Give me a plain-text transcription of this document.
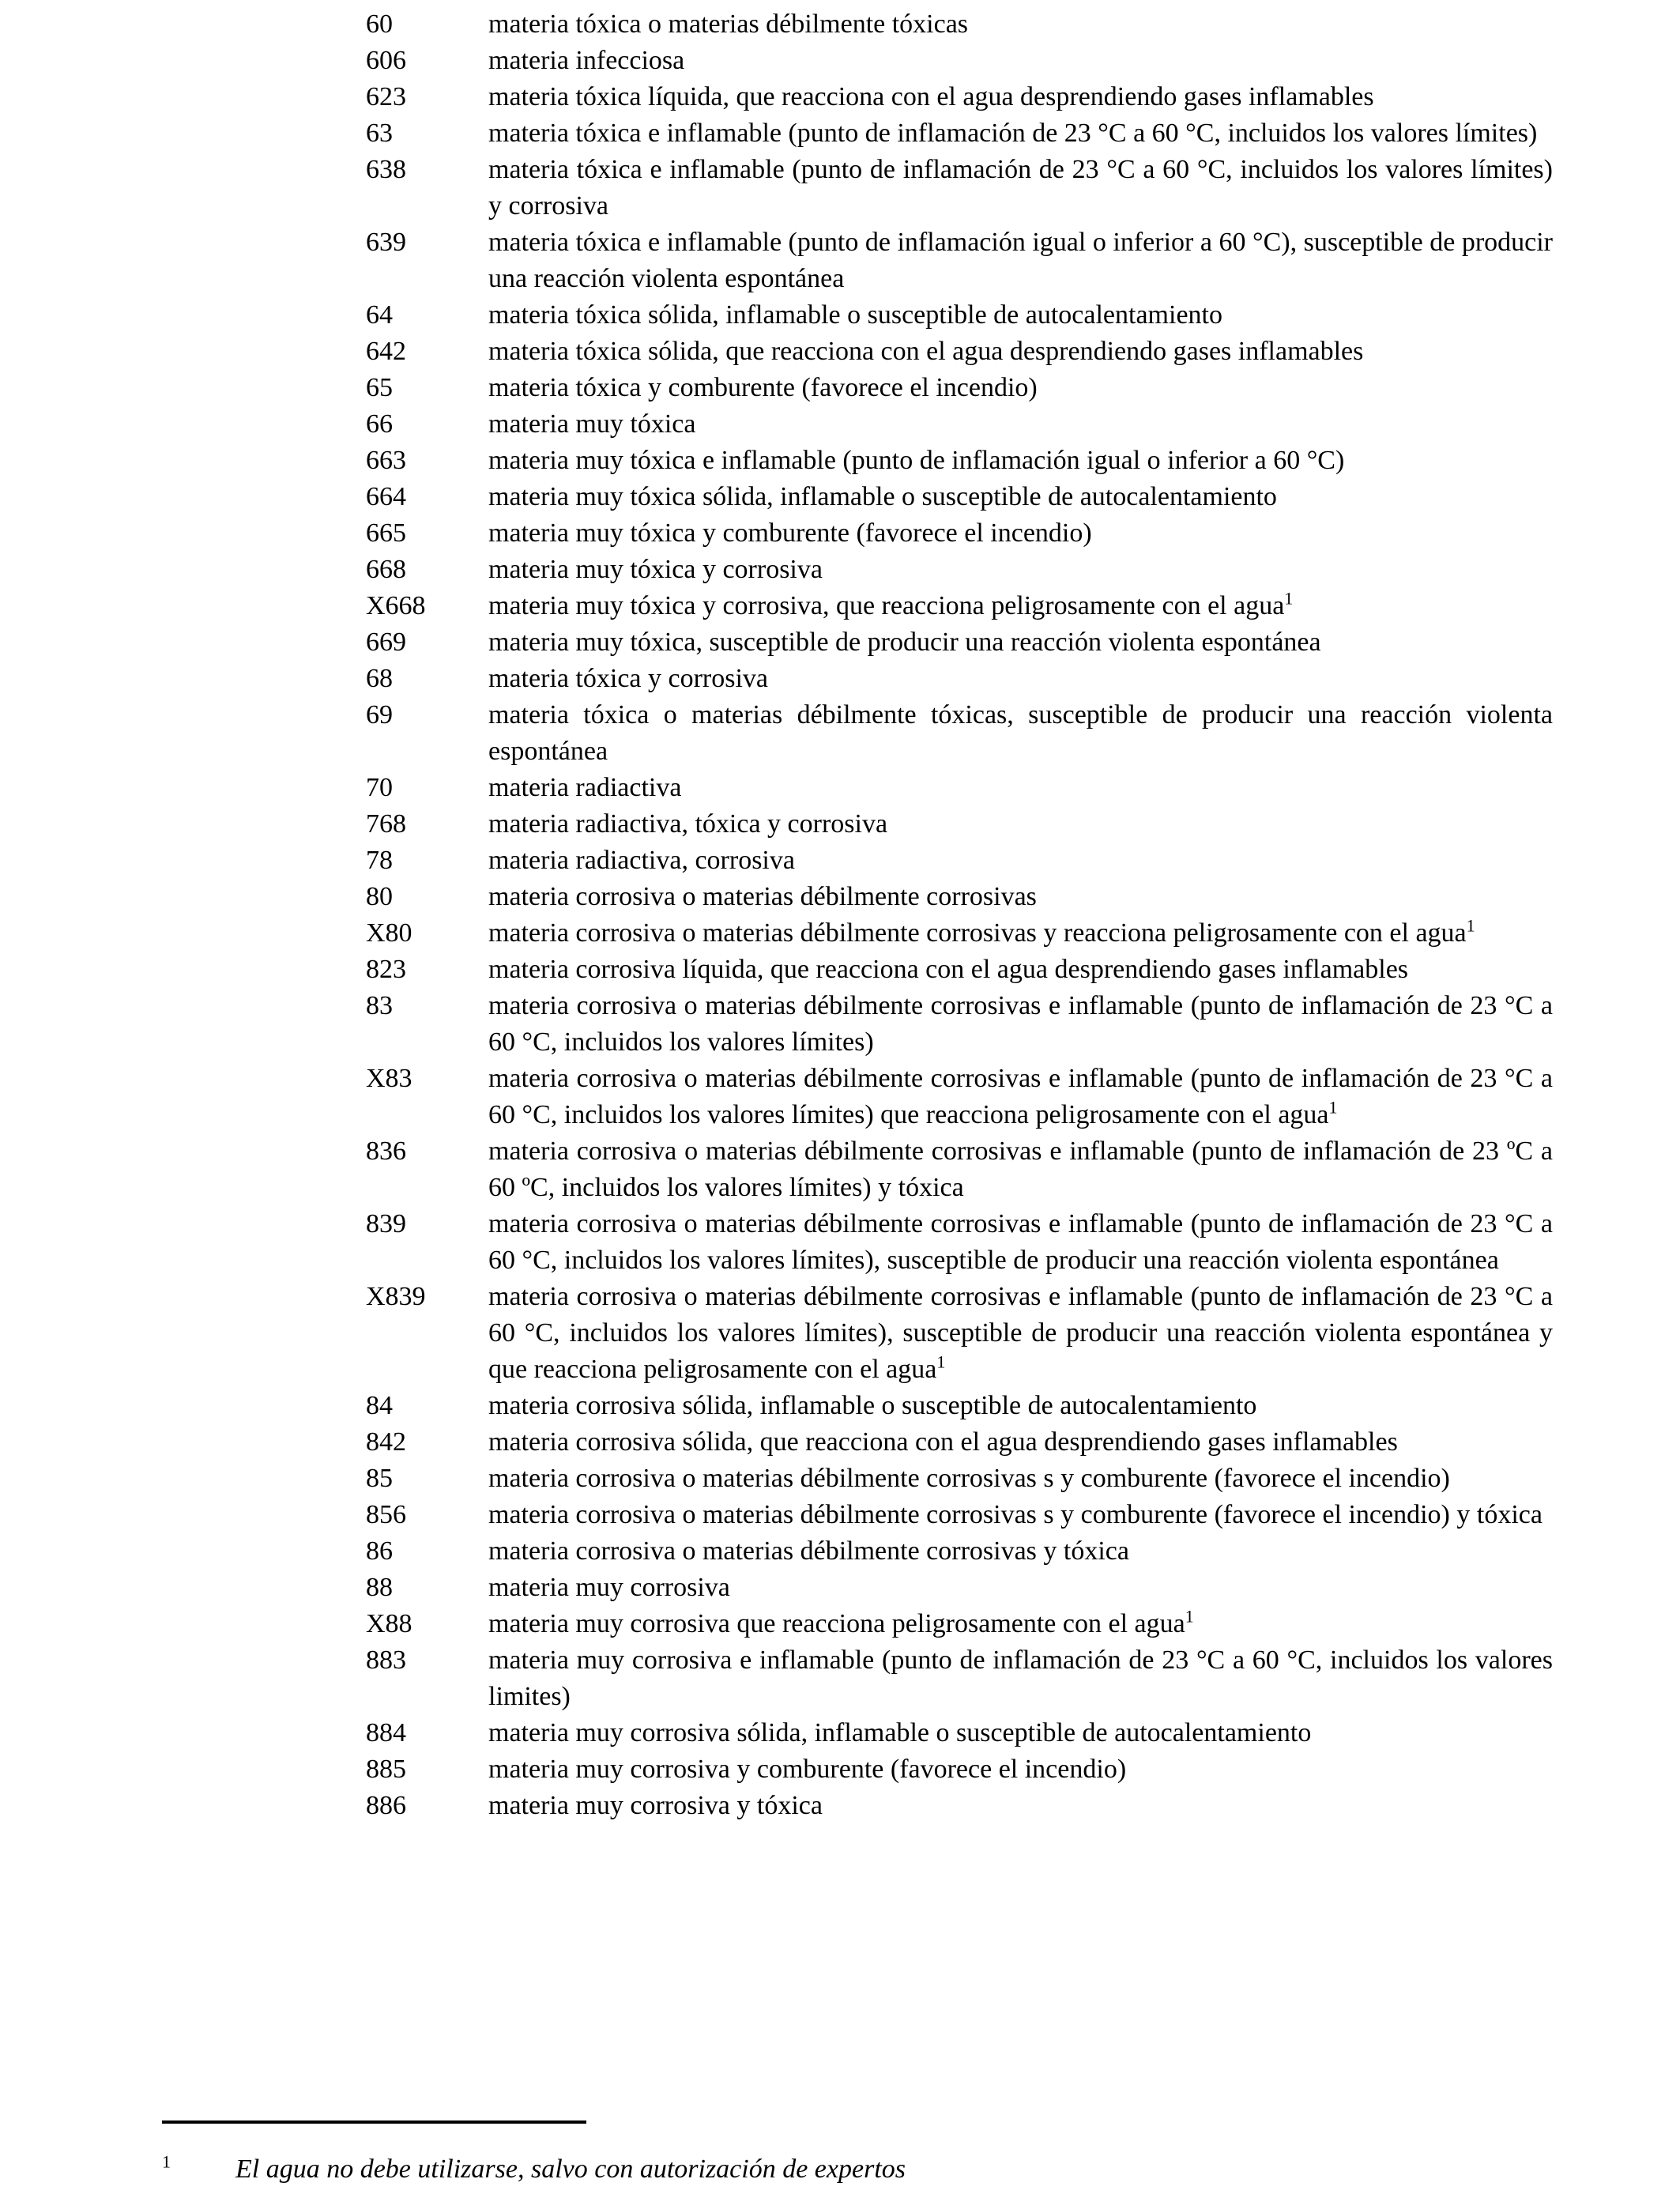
60	materia tóxica o materias débilmente tóxicas
606	materia infecciosa
623	materia tóxica líquida, que reacciona con el agua desprendiendo gases inflamables
63	materia tóxica e inflamable (punto de inflamación de 23 °C a 60 °C, incluidos los valores límites)
638	materia tóxica e inflamable (punto de inflamación de 23 °C a 60 °C, incluidos los valores límites) y corrosiva
639	materia tóxica e inflamable (punto de inflamación igual o inferior a 60 °C), susceptible de producir una reacción violenta espontánea
64	materia tóxica sólida, inflamable o susceptible de autocalentamiento
642	materia tóxica sólida, que reacciona con el agua desprendiendo gases inflamables
65	materia tóxica y comburente (favorece el incendio)
66	materia muy tóxica
663	materia muy tóxica e inflamable (punto de inflamación igual o inferior a 60 °C)
664	materia muy tóxica sólida, inflamable o susceptible de autocalentamiento
665	materia muy tóxica y comburente (favorece el incendio)
668	materia muy tóxica y corrosiva
X668	materia muy tóxica y corrosiva, que reacciona peligrosamente con el agua$^1$
669	materia muy tóxica, susceptible de producir una reacción violenta espontánea
68	materia tóxica y corrosiva
69	materia tóxica o materias débilmente tóxicas, susceptible de producir una reacción violenta espontánea
70	materia radiactiva
768	materia radiactiva, tóxica y corrosiva
78	materia radiactiva, corrosiva
80	materia corrosiva o materias débilmente corrosivas
X80	materia corrosiva o materias débilmente corrosivas y reacciona peligrosamente con el agua$^1$
823	materia corrosiva líquida, que reacciona con el agua desprendiendo gases inflamables
83	materia corrosiva o materias débilmente corrosivas e inflamable (punto de inflamación de 23 °C a 60 °C, incluidos los valores límites)
X83	materia corrosiva o materias débilmente corrosivas e inflamable (punto de inflamación de 23 °C a 60 °C, incluidos los valores límites) que reacciona peligrosamente con el agua$^1$
836	materia corrosiva o materias débilmente corrosivas e inflamable (punto de inflamación de 23 ºC a 60 ºC, incluidos los valores límites) y tóxica
839	materia corrosiva o materias débilmente corrosivas e inflamable (punto de inflamación de 23 °C a 60 °C, incluidos los valores límites), susceptible de producir una reacción violenta espontánea
X839	materia corrosiva o materias débilmente corrosivas e inflamable (punto de inflamación de 23 °C a 60 °C, incluidos los valores límites), susceptible de producir una reacción violenta espontánea y que reacciona peligrosamente con el agua$^1$
84	materia corrosiva sólida, inflamable o susceptible de autocalentamiento
842	materia corrosiva sólida, que reacciona con el agua desprendiendo gases inflamables
85	materia corrosiva o materias débilmente corrosivas s y comburente (favorece el incendio)
856	materia corrosiva o materias débilmente corrosivas s y comburente (favorece el incendio) y tóxica
86	materia corrosiva o materias débilmente corrosivas y tóxica
88	materia muy corrosiva
X88	materia muy corrosiva que reacciona peligrosamente con el agua$^1$
883	materia muy corrosiva e inflamable (punto de inflamación de 23 °C a 60 °C, incluidos los valores limites)
884	materia muy corrosiva sólida, inflamable o susceptible de autocalentamiento
885	materia muy corrosiva y comburente (favorece el incendio)
886	materia muy corrosiva y tóxica
$^1$ El agua no debe utilizarse, salvo con autorización de expertos
